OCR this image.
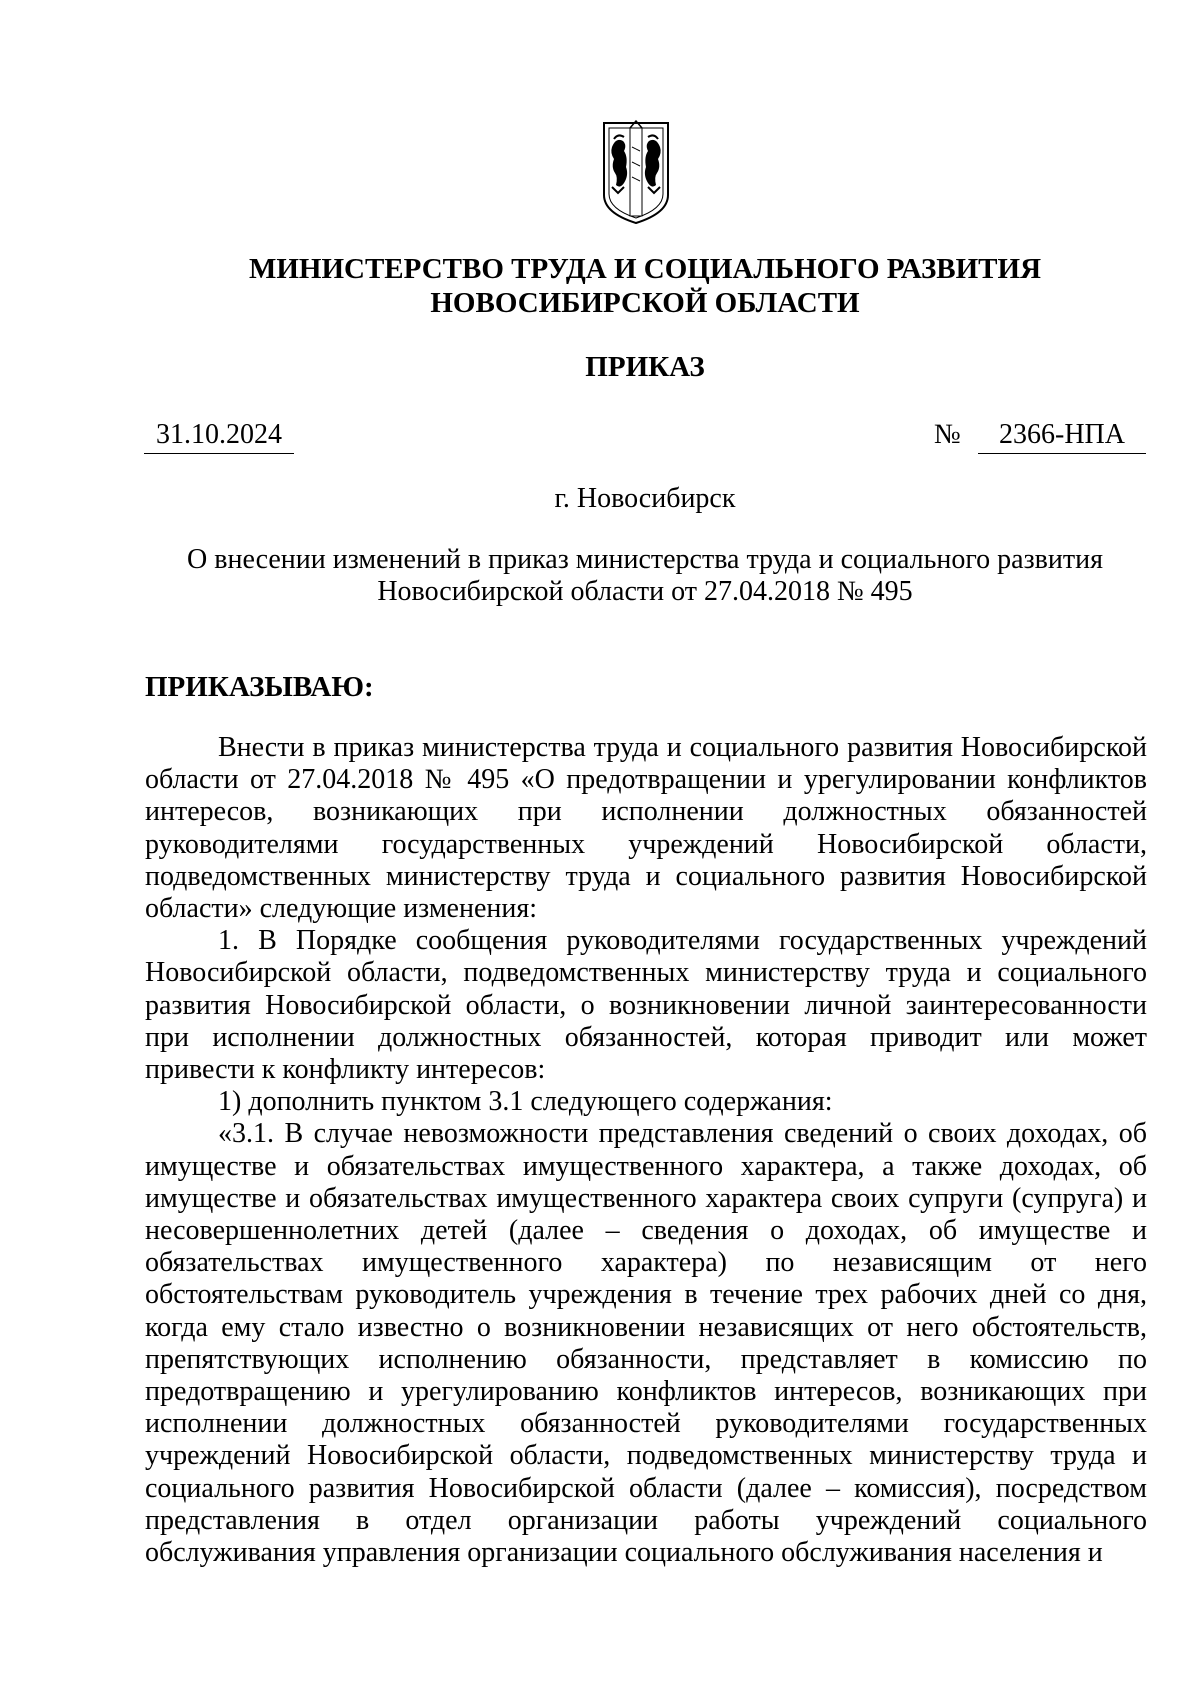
МИНИСТЕРСТВО ТРУДА И СОЦИАЛЬНОГО РАЗВИТИЯ
НОВОСИБИРСКОЙ ОБЛАСТИ
ПРИКАЗ
31.10.2024	№	2366-НПА
г. Новосибирск
О внесении изменений в приказ министерства труда и социального развития
Новосибирской области от 27.04.2018 № 495
ПРИКАЗЫВАЮ:

Внести в приказ министерства труда и социального развития Новосибирской области от 27.04.2018 № 495 «О предотвращении и урегулировании конфликтов интересов, возникающих при исполнении должностных обязанностей руководителями государственных учреждений Новосибирской области, подведомственных министерству труда и социального развития Новосибирской области» следующие изменения:

1. В Порядке сообщения руководителями государственных учреждений Новосибирской области, подведомственных министерству труда и социального развития Новосибирской области, о возникновении личной заинтересованности при исполнении должностных обязанностей, которая приводит или может привести к конфликту интересов:

1) дополнить пунктом 3.1 следующего содержания:

«3.1. В случае невозможности представления сведений о своих доходах, об имуществе и обязательствах имущественного характера, а также доходах, об имуществе и обязательствах имущественного характера своих супруги (супруга) и несовершеннолетних детей (далее – сведения о доходах, об имуществе и обязательствах имущественного характера) по независящим от него обстоятельствам руководитель учреждения в течение трех рабочих дней со дня, когда ему стало известно о возникновении независящих от него обстоятельств, препятствующих исполнению обязанности, представляет в комиссию по предотвращению и урегулированию конфликтов интересов, возникающих при исполнении должностных обязанностей руководителями государственных учреждений Новосибирской области, подведомственных министерству труда и социального развития Новосибирской области (далее – комиссия), посредством представления в отдел организации работы учреждений социального обслуживания управления организации социального обслуживания населения и
